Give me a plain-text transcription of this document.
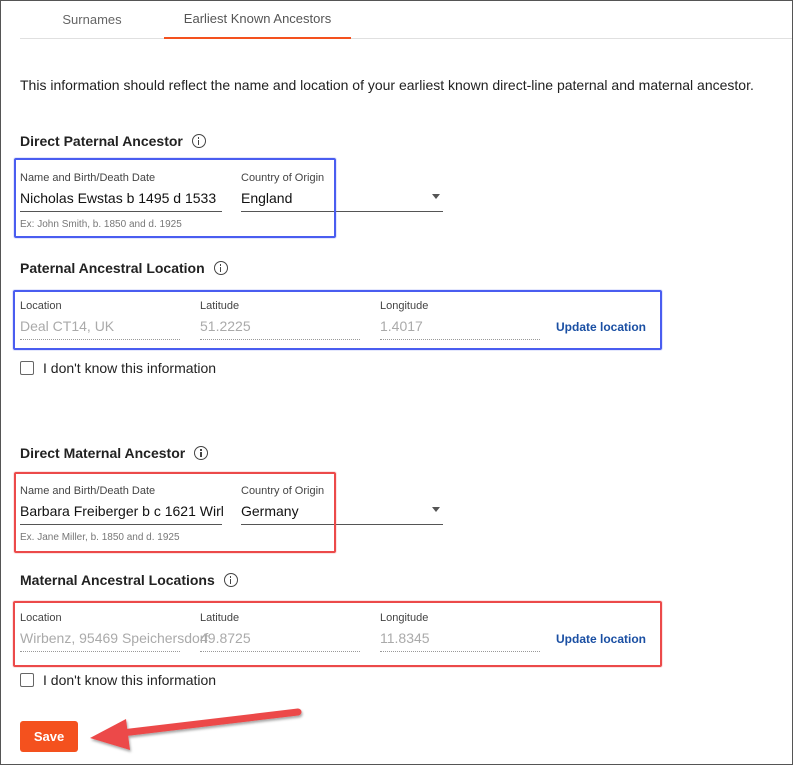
Surnames	Earliest Known Ancestors
This information should reflect the name and location of your earliest known direct-line paternal and maternal ancestor.
Direct Paternal Ancestor
Name and Birth/Death Date
Nicholas Ewstas b 1495 d 1533
Ex: John Smith, b. 1850 and d. 1925
Country of Origin
England
Paternal Ancestral Location
Location
Deal CT14, UK
Latitude
51.2225
Longitude
1.4017	Update location
I don't know this information
Direct Maternal Ancestor
Name and Birth/Death Date
Barbara Freiberger b c 1621 Wirl
Ex. Jane Miller, b. 1850 and d. 1925
Country of Origin
Germany
Maternal Ancestral Locations
Location
Wirbenz, 95469 Speichersdorf
Latitude
49.8725
Longitude
11.8345	Update location
I don't know this information
Save
